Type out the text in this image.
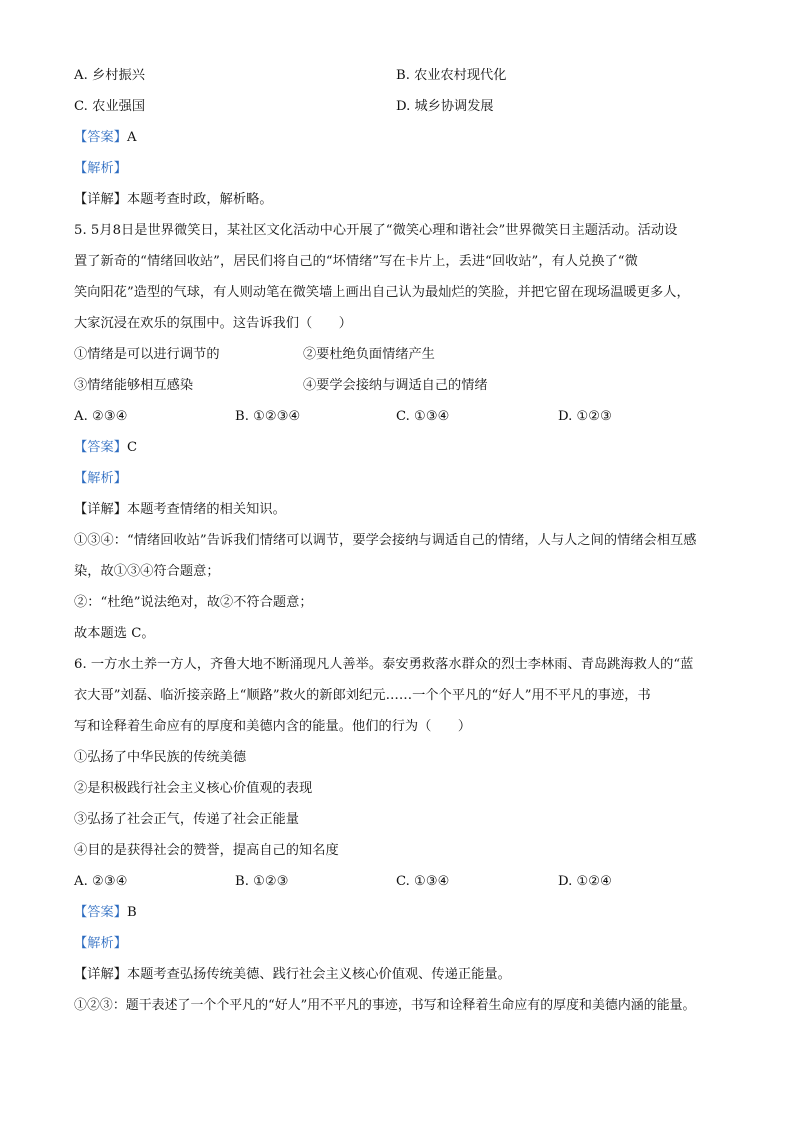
A. 乡村振兴	B. 农业农村现代化
C. 农业强国	D. 城乡协调发展
【答案】A
【解析】
【详解】本题考查时政，解析略。
5. 5月8日是世界微笑日，某社区文化活动中心开展了“微笑心理和谐社会”世界微笑日主题活动。活动设
置了新奇的“情绪回收站”，居民们将自己的“坏情绪”写在卡片上，丢进“回收站”，有人兑换了“微
笑向阳花”造型的气球，有人则动笔在微笑墙上画出自己认为最灿烂的笑脸，并把它留在现场温暖更多人，
大家沉浸在欢乐的氛围中。这告诉我们（　　）
①情绪是可以进行调节的	②要杜绝负面情绪产生
③情绪能够相互感染	④要学会接纳与调适自己的情绪
A. ②③④	B. ①②③④	C. ①③④	D. ①②③
【答案】C
【解析】
【详解】本题考查情绪的相关知识。
①③④：“情绪回收站”告诉我们情绪可以调节，要学会接纳与调适自己的情绪，人与人之间的情绪会相互感
染，故①③④符合题意；
②：“杜绝”说法绝对，故②不符合题意；
故本题选 C。
6. 一方水土养一方人，齐鲁大地不断涌现凡人善举。泰安勇救落水群众的烈士李林雨、青岛跳海救人的“蓝
衣大哥”刘磊、临沂接亲路上“顺路”救火的新郎刘纪元……一个个平凡的“好人”用不平凡的事迹，书
写和诠释着生命应有的厚度和美德内含的能量。他们的行为（　　）
①弘扬了中华民族的传统美德
②是积极践行社会主义核心价值观的表现
③弘扬了社会正气，传递了社会正能量
④目的是获得社会的赞誉，提高自己的知名度
A. ②③④	B. ①②③	C. ①③④	D. ①②④
【答案】B
【解析】
【详解】本题考查弘扬传统美德、践行社会主义核心价值观、传递正能量。
①②③：题干表述了一个个平凡的“好人”用不平凡的事迹，书写和诠释着生命应有的厚度和美德内涵的能量。
